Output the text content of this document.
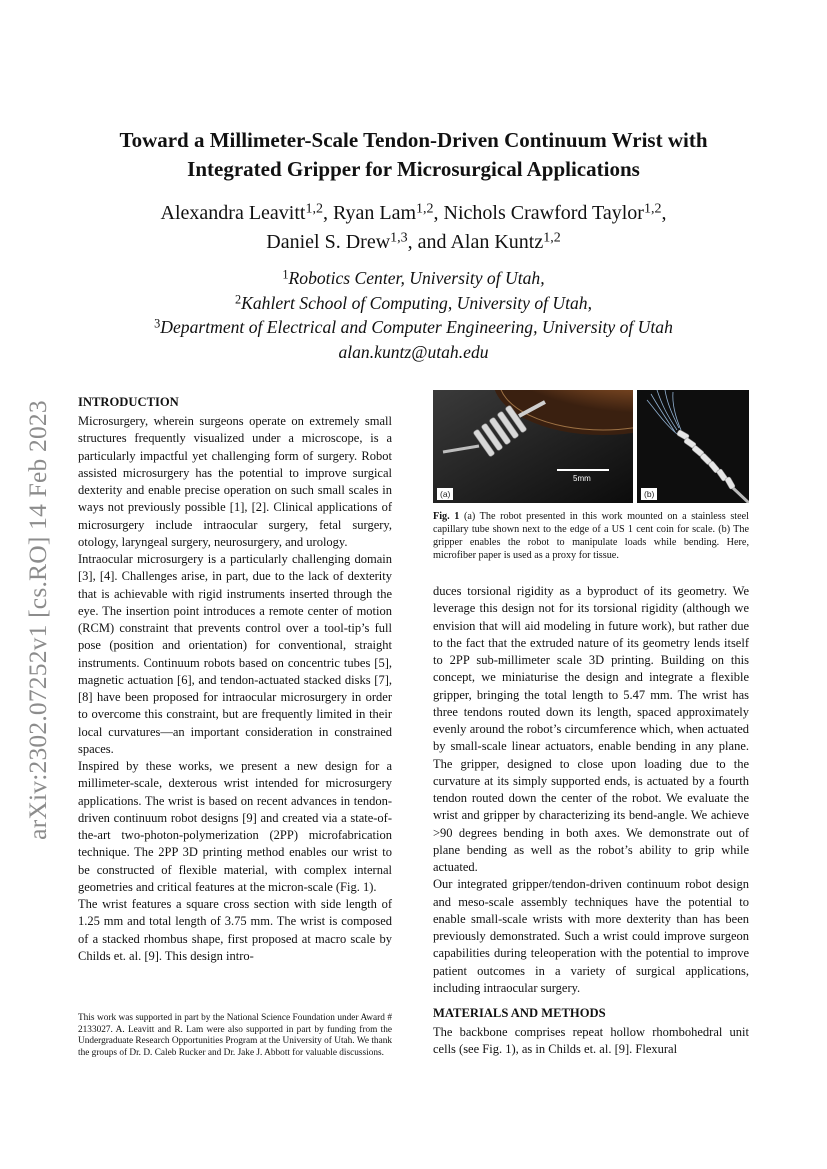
arXiv:2302.07252v1 [cs.RO] 14 Feb 2023
Toward a Millimeter-Scale Tendon-Driven Continuum Wrist with
Integrated Gripper for Microsurgical Applications
Alexandra Leavitt$^{1,2}$, Ryan Lam$^{1,2}$, Nichols Crawford Taylor$^{1,2}$,
Daniel S. Drew$^{1,3}$, and Alan Kuntz$^{1,2}$
$^1$Robotics Center, University of Utah,
$^2$Kahlert School of Computing, University of Utah,
$^3$Department of Electrical and Computer Engineering, University of Utah
alan.kuntz@utah.edu
INTRODUCTION

Microsurgery, wherein surgeons operate on extremely small structures frequently visualized under a microscope, is a particularly impactful yet challenging form of surgery. Robot assisted microsurgery has the potential to improve surgical dexterity and enable precise operation on such small scales in ways not previously possible [1], [2]. Clinical applications of microsurgery include intraocular surgery, fetal surgery, otology, laryngeal surgery, neurosurgery, and urology.

Intraocular microsurgery is a particularly challenging domain [3], [4]. Challenges arise, in part, due to the lack of dexterity that is achievable with rigid instruments inserted through the eye. The insertion point introduces a remote center of motion (RCM) constraint that prevents control over a tool-tip’s full pose (position and orientation) for conventional, straight instruments. Continuum robots based on concentric tubes [5], magnetic actuation [6], and tendon-actuated stacked disks [7], [8] have been proposed for intraocular microsurgery in order to overcome this constraint, but are frequently limited in their local curvatures—an important consideration in constrained spaces.

Inspired by these works, we present a new design for a millimeter-scale, dexterous wrist intended for microsurgery applications. The wrist is based on recent advances in tendon-driven continuum robot designs [9] and created via a state-of-the-art two-photon-polymerization (2PP) microfabrication technique. The 2PP 3D printing method enables our wrist to be constructed of flexible material, with complex internal geometries and critical features at the micron-scale (Fig. 1).

The wrist features a square cross section with side length of 1.25 mm and total length of 3.75 mm. The wrist is composed of a stacked rhombus shape, first proposed at macro scale by Childs et. al. [9]. This design intro-

This work was supported in part by the National Science Foundation under Award # 2133027. A. Leavitt and R. Lam were also supported in part by funding from the Undergraduate Research Opportunities Program at the University of Utah. We thank the groups of Dr. D. Caleb Rucker and Dr. Jake J. Abbott for valuable discussions.
5mm
(a)	(b)
Fig. 1 (a) The robot presented in this work mounted on a stainless steel capillary tube shown next to the edge of a US 1 cent coin for scale. (b) The gripper enables the robot to manipulate loads while bending. Here, microfiber paper is used as a proxy for tissue.

duces torsional rigidity as a byproduct of its geometry. We leverage this design not for its torsional rigidity (although we envision that will aid modeling in future work), but rather due to the fact that the extruded nature of its geometry lends itself to 2PP sub-millimeter scale 3D printing. Building on this concept, we miniaturise the design and integrate a flexible gripper, bringing the total length to 5.47 mm. The wrist has three tendons routed down its length, spaced approximately evenly around the robot’s circumference which, when actuated by small-scale linear actuators, enable bending in any plane. The gripper, designed to close upon loading due to the curvature at its simply supported ends, is actuated by a fourth tendon routed down the center of the robot. We evaluate the wrist and gripper by characterizing its bend-angle. We achieve >90 degrees bending in both axes. We demonstrate out of plane bending as well as the robot’s ability to grip while actuated.

Our integrated gripper/tendon-driven continuum robot design and meso-scale assembly techniques have the potential to enable small-scale wrists with more dexterity than has been previously demonstrated. Such a wrist could improve surgeon capabilities during teleoperation with the potential to improve patient outcomes in a variety of surgical applications, including intraocular surgery.

MATERIALS AND METHODS

The backbone comprises repeat hollow rhombohedral unit cells (see Fig. 1), as in Childs et. al. [9]. Flexural
